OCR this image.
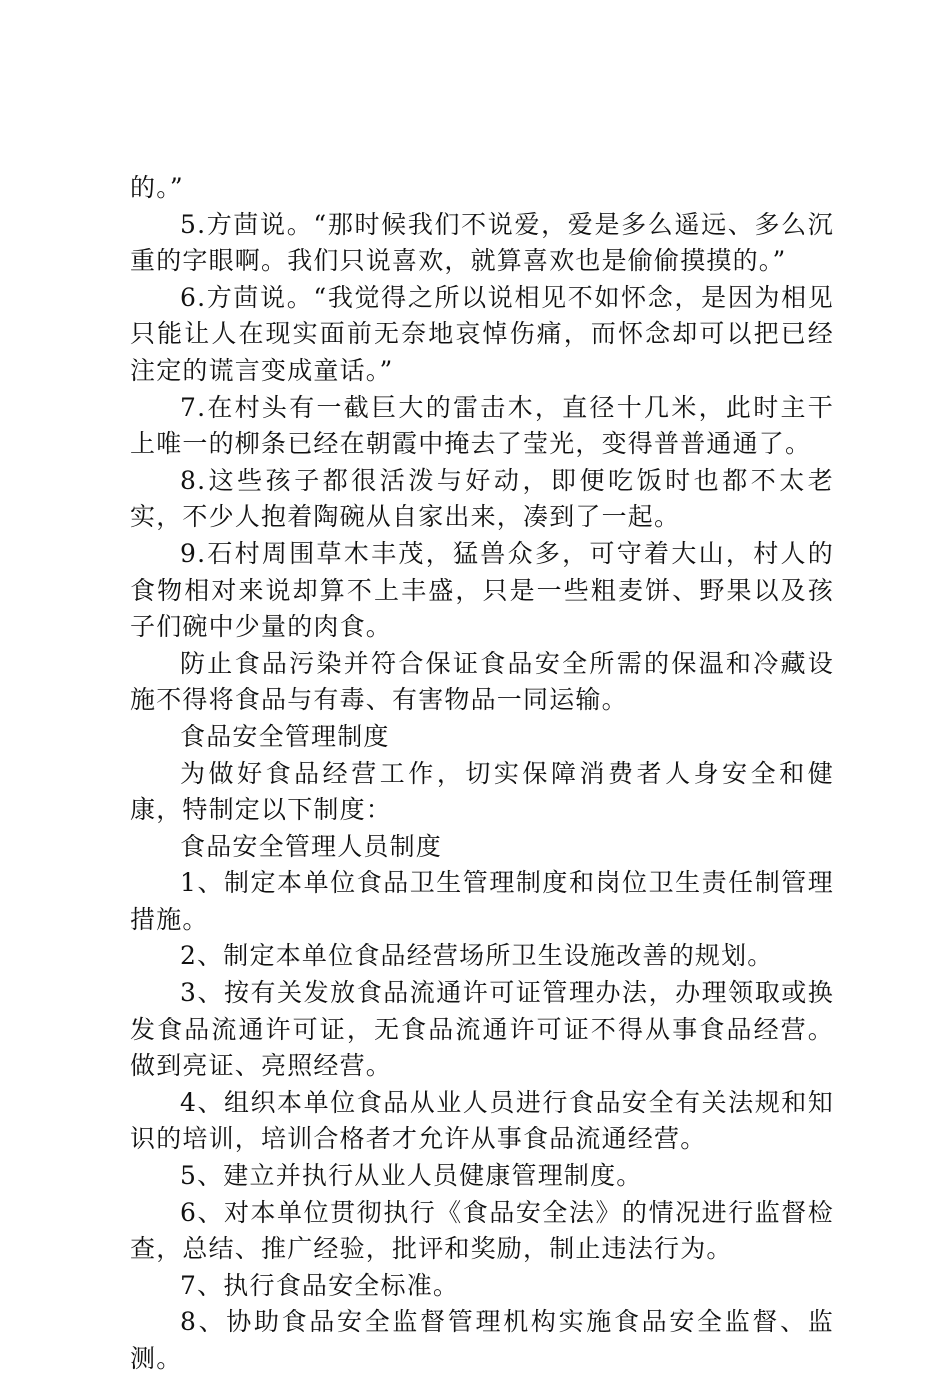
的。”

5.方茴说。“那时候我们不说爱，爱是多么遥远、多么沉重的字眼啊。我们只说喜欢，就算喜欢也是偷偷摸摸的。”

6.方茴说。“我觉得之所以说相见不如怀念，是因为相见只能让人在现实面前无奈地哀悼伤痛，而怀念却可以把已经注定的谎言变成童话。”

7.在村头有一截巨大的雷击木，直径十几米，此时主干上唯一的柳条已经在朝霞中掩去了莹光，变得普普通通了。

8.这些孩子都很活泼与好动，即便吃饭时也都不太老实，不少人抱着陶碗从自家出来，凑到了一起。

9.石村周围草木丰茂，猛兽众多，可守着大山，村人的食物相对来说却算不上丰盛，只是一些粗麦饼、野果以及孩子们碗中少量的肉食。

防止食品污染并符合保证食品安全所需的保温和冷藏设施不得将食品与有毒、有害物品一同运输。

食品安全管理制度

为做好食品经营工作，切实保障消费者人身安全和健康，特制定以下制度：

食品安全管理人员制度

1、制定本单位食品卫生管理制度和岗位卫生责任制管理措施。

2、制定本单位食品经营场所卫生设施改善的规划。

3、按有关发放食品流通许可证管理办法，办理领取或换发食品流通许可证，无食品流通许可证不得从事食品经营。做到亮证、亮照经营。

4、组织本单位食品从业人员进行食品安全有关法规和知识的培训，培训合格者才允许从事食品流通经营。

5、建立并执行从业人员健康管理制度。

6、对本单位贯彻执行《食品安全法》的情况进行监督检查，总结、推广经验，批评和奖励，制止违法行为。

7、执行食品安全标准。

8、协助食品安全监督管理机构实施食品安全监督、监测。
